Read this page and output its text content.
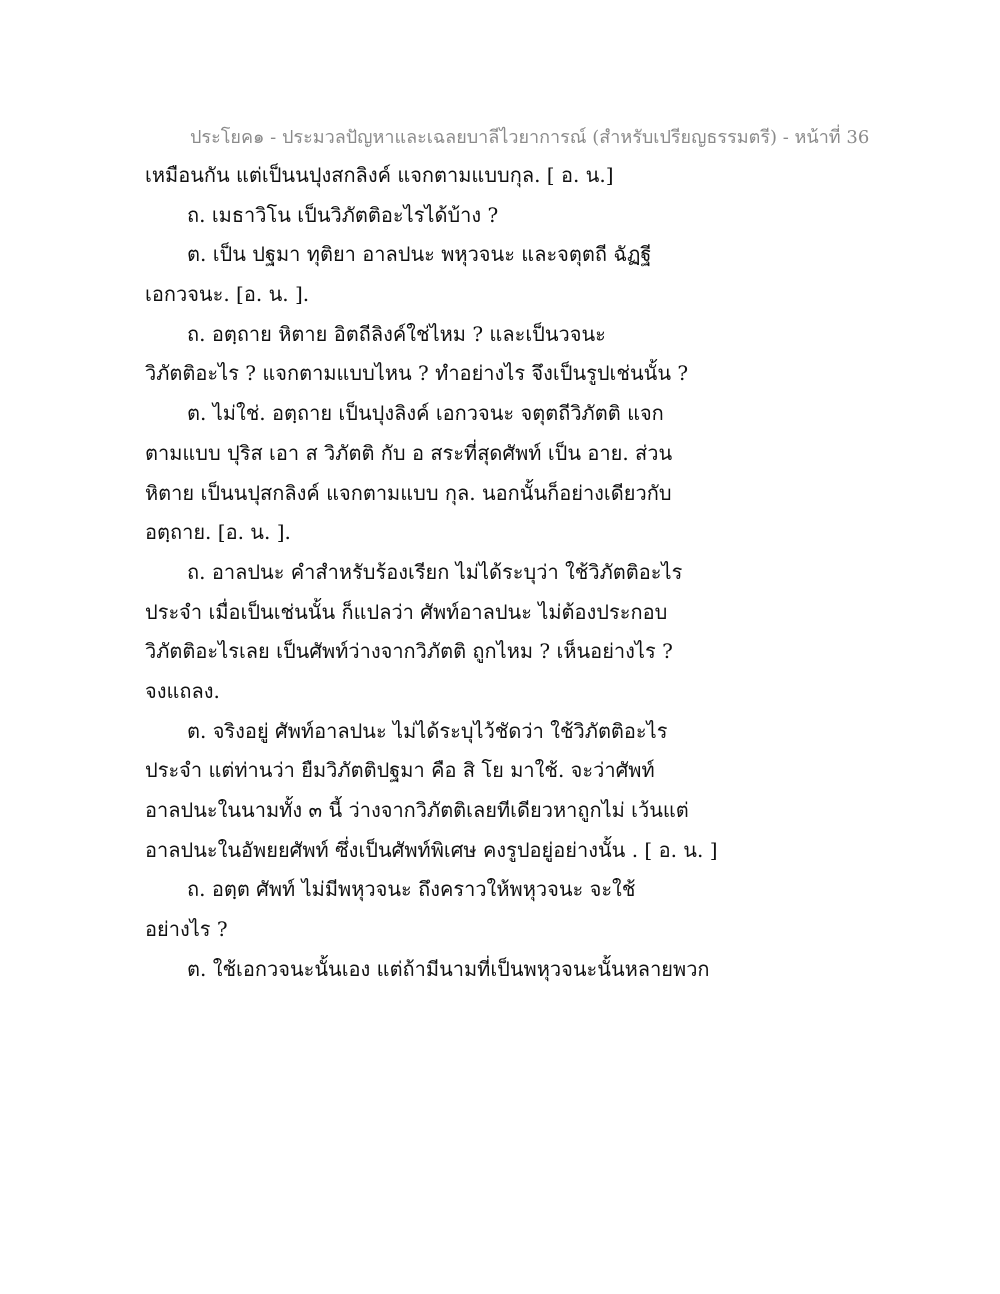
ประโยค๑ - ประมวลปัญหาและเฉลยบาลีไวยาการณ์ (สำหรับเปรียญธรรมตรี) - หน้าที่ 36
เหมือนกัน แต่เป็นนปุงสกลิงค์ แจกตามแบบกุล. [ อ. น.]
ถ. เมธาวิโน เป็นวิภัตติอะไรได้บ้าง ?
ต. เป็น ปฐมา ทุติยา อาลปนะ พหุวจนะ และจตุตถี ฉัฏฐี
เอกวจนะ. [อ. น. ].
ถ. อตฺถาย หิตาย อิตถีลิงค์ใช่ไหม ? และเป็นวจนะ
วิภัตติอะไร ? แจกตามแบบไหน ? ทำอย่างไร จึงเป็นรูปเช่นนั้น ?
ต. ไม่ใช่. อตฺถาย เป็นปุงลิงค์ เอกวจนะ จตุตถีวิภัตติ แจก
ตามแบบ ปุริส เอา ส วิภัตติ กับ อ สระที่สุดศัพท์ เป็น อาย. ส่วน
หิตาย เป็นนปุสกลิงค์ แจกตามแบบ กุล. นอกนั้นก็อย่างเดียวกับ
อตฺถาย. [อ. น. ].
ถ. อาลปนะ คำสำหรับร้องเรียก ไม่ได้ระบุว่า ใช้วิภัตติอะไร
ประจำ เมื่อเป็นเช่นนั้น ก็แปลว่า ศัพท์อาลปนะ ไม่ต้องประกอบ
วิภัตติอะไรเลย เป็นศัพท์ว่างจากวิภัตติ ถูกไหม ? เห็นอย่างไร ?
จงแถลง.
ต. จริงอยู่ ศัพท์อาลปนะ ไม่ได้ระบุไว้ชัดว่า ใช้วิภัตติอะไร
ประจำ แต่ท่านว่า ยืมวิภัตติปฐมา คือ สิ โย มาใช้. จะว่าศัพท์
อาลปนะในนามทั้ง ๓ นี้ ว่างจากวิภัตติเลยทีเดียวหาถูกไม่ เว้นแต่
อาลปนะในอัพยยศัพท์ ซึ่งเป็นศัพท์พิเศษ คงรูปอยู่อย่างนั้น . [ อ. น. ]
ถ. อตฺต ศัพท์ ไม่มีพหุวจนะ ถึงคราวให้พหุวจนะ จะใช้
อย่างไร ?
ต. ใช้เอกวจนะนั้นเอง แต่ถ้ามีนามที่เป็นพหุวจนะนั้นหลายพวก
